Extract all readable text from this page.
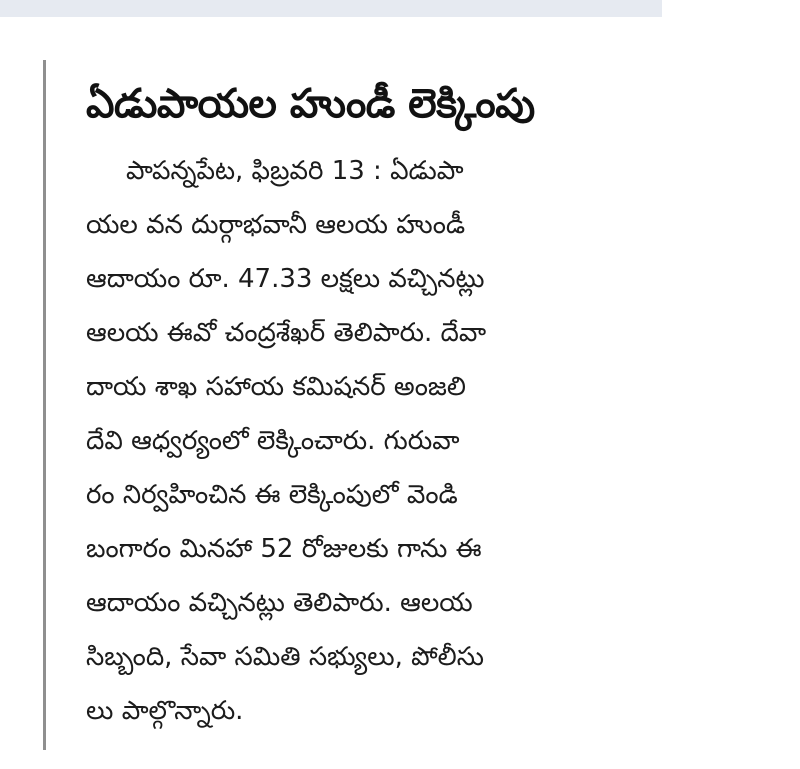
ఏడుపాయల హుండీ లెక్కింపు
పాపన్నపేట, ఫిబ్రవరి 13 : ఏడుపా
యల వన దుర్గాభవానీ ఆలయ హుండీ
ఆదాయం రూ. 47.33 లక్షలు వచ్చినట్లు
ఆలయ ఈవో చంద్రశేఖర్ తెలిపారు. దేవా
దాయ శాఖ సహాయ కమిషనర్ అంజలి
దేవి ఆధ్వర్యంలో లెక్కించారు. గురువా
రం నిర్వహించిన ఈ లెక్కింపులో వెండి
బంగారం మినహా 52 రోజులకు గాను ఈ
ఆదాయం వచ్చినట్లు తెలిపారు. ఆలయ
సిబ్బంది, సేవా సమితి సభ్యులు, పోలీసు
లు పాల్గొన్నారు.
